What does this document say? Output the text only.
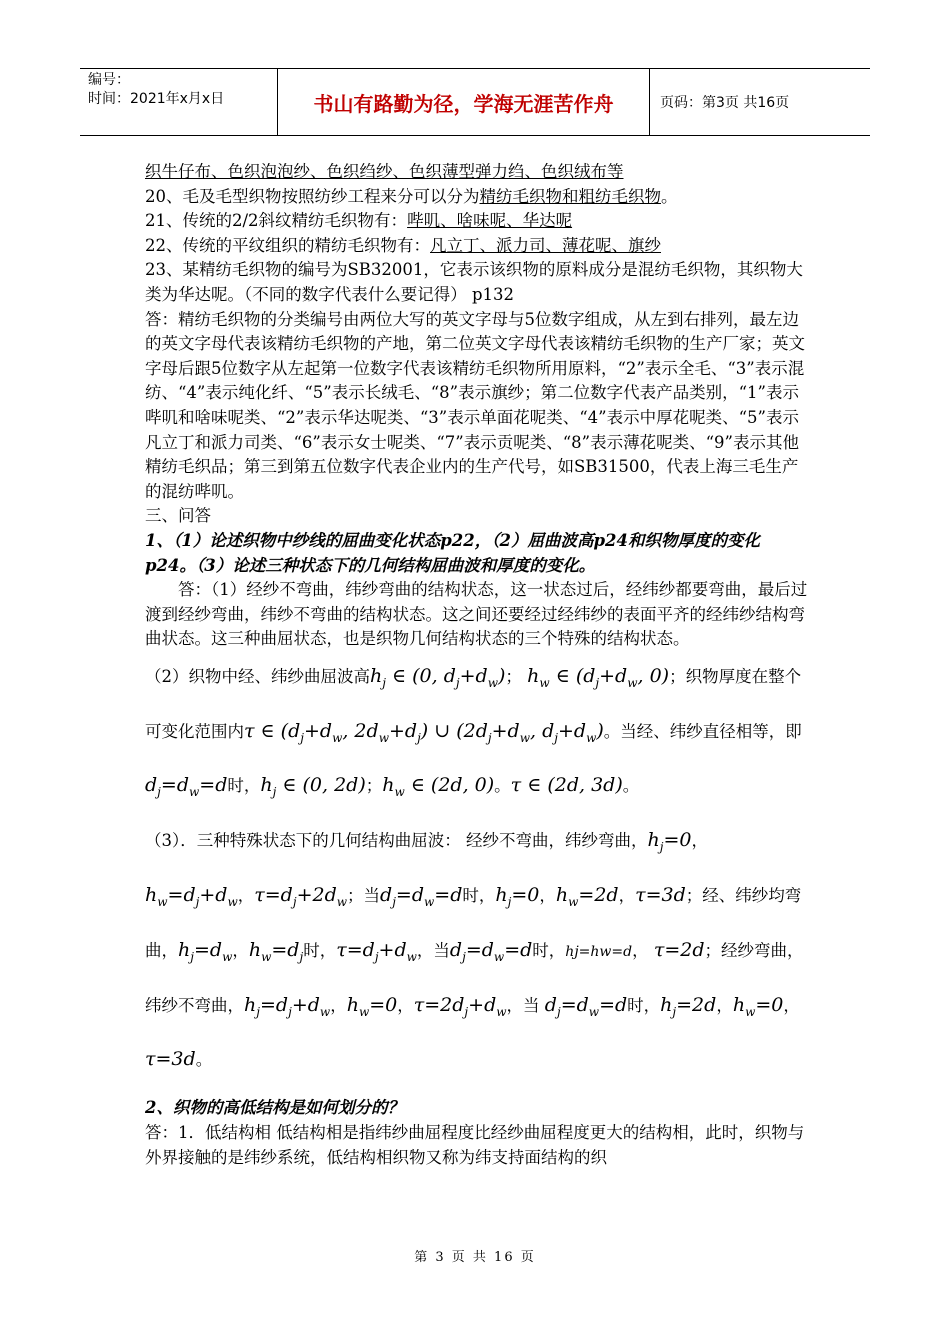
编号：
时间：2021年x月x日	书山有路勤为径，学海无涯苦作舟	页码：第3页 共16页

织牛仔布、色织泡泡纱、色织绉纱、色织薄型弹力绉、色织绒布等

20、毛及毛型织物按照纺纱工程来分可以分为精纺毛织物和粗纺毛织物。

21、传统的2/2斜纹精纺毛织物有：哔叽、啥味呢、华达呢

22、传统的平纹组织的精纺毛织物有：凡立丁、派力司、薄花呢、旗纱

23、某精纺毛织物的编号为SB32001，它表示该织物的原料成分是混纺毛织物，其织物大类为华达呢。（不同的数字代表什么要记得） p132

答：精纺毛织物的分类编号由两位大写的英文字母与5位数字组成，从左到右排列，最左边的英文字母代表该精纺毛织物的产地，第二位英文字母代表该精纺毛织物的生产厂家；英文字母后跟5位数字从左起第一位数字代表该精纺毛织物所用原料，“2”表示全毛、“3”表示混纺、“4”表示纯化纤、“5”表示长绒毛、“8”表示旗纱；第二位数字代表产品类别，“1”表示哔叽和啥味呢类、“2”表示华达呢类、“3”表示单面花呢类、“4”表示中厚花呢类、“5”表示凡立丁和派力司类、“6”表示女士呢类、“7”表示贡呢类、“8”表示薄花呢类、“9”表示其他精纺毛织品；第三到第五位数字代表企业内的生产代号，如SB31500，代表上海三毛生产的混纺哔叽。

三、问答

1、（1）论述织物中纱线的屈曲变化状态p22，（2）屈曲波高p24和织物厚度的变化p24。（3）论述三种状态下的几何结构屈曲波和厚度的变化。

答：（1）经纱不弯曲，纬纱弯曲的结构状态，这一状态过后，经纬纱都要弯曲，最后过渡到经纱弯曲，纬纱不弯曲的结构状态。这之间还要经过经纬纱的表面平齐的经纬纱结构弯曲状态。这三种曲屈状态，也是织物几何结构状态的三个特殊的结构状态。

（2）织物中经、纬纱曲屈波高$h_j$ ∈ (0, $d_j+d_w$)； $h_w$ ∈ ($d_j+d_w$, 0)；织物厚度在整个可变化范围内τ ∈ ($d_j+d_w$, $2d_w+d_j$) ∪ ($2d_j+d_w$, $d_j+d_w$)。当经、纬纱直径相等，即$d_j=d_w=d$时，$h_j$ ∈ (0, 2d)；$h_w$ ∈ (2d, 0)。τ ∈ (2d, 3d)。

（3）．三种特殊状态下的几何结构曲屈波： 经纱不弯曲，纬纱弯曲，$h_j=0$， $h_w=d_j+d_w$，$\tau=d_j+2d_w$；当$d_j=d_w=d$时，$h_j=0$，$h_w=2d$，τ=3d；经、纬纱均弯曲，$h_j=d_w$，$h_w=d_j$时，$\tau=d_j+d_w$，当$d_j=d_w=d$时，hj=hw=d， τ=2d；经纱弯曲，纬纱不弯曲，$h_j=d_j+d_w$，$h_w=0$，$\tau=2d_j+d_w$，当 $d_j=d_w=d$时，$h_j=2d$，$h_w=0$，τ=3d。

2、织物的高低结构是如何划分的？

答：1．低结构相 低结构相是指纬纱曲屈程度比经纱曲屈程度更大的结构相，此时，织物与外界接触的是纬纱系统，低结构相织物又称为纬支持面结构的织

第 3 页 共 16 页
